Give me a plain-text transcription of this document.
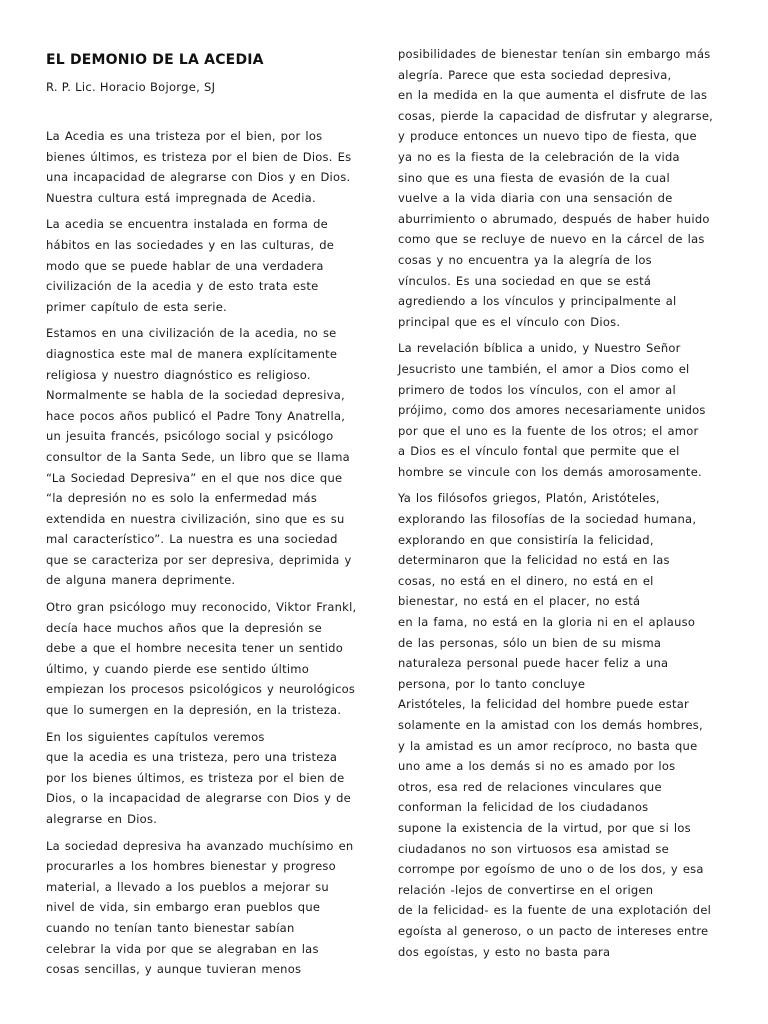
EL DEMONIO DE LA ACEDIA

R. P. Lic. Horacio Bojorge, SJ

La Acedia es una tristeza por el bien, por los
bienes últimos, es tristeza por el bien de Dios. Es
una incapacidad de alegrarse con Dios y en Dios.
Nuestra cultura está impregnada de Acedia.
La acedia se encuentra instalada en forma de
hábitos en las sociedades y en las culturas, de
modo que se puede hablar de una verdadera
civilización de la acedia y de esto trata este
primer capítulo de esta serie.
Estamos en una civilización de la acedia, no se
diagnostica este mal de manera explícitamente
religiosa y nuestro diagnóstico es religioso.
Normalmente se habla de la sociedad depresiva,
hace pocos años publicó el Padre Tony Anatrella,
un jesuita francés, psicólogo social y psicólogo
consultor de la Santa Sede, un libro que se llama
“La Sociedad Depresiva” en el que nos dice que
“la depresión no es solo la enfermedad más
extendida en nuestra civilización, sino que es su
mal característico”. La nuestra es una sociedad
que se caracteriza por ser depresiva, deprimida y
de alguna manera deprimente.
Otro gran psicólogo muy reconocido, Viktor Frankl,
decía hace muchos años que la depresión se
debe a que el hombre necesita tener un sentido
último, y cuando pierde ese sentido último
empiezan los procesos psicológicos y neurológicos
que lo sumergen en la depresión, en la tristeza.
En los siguientes capítulos veremos
que la acedia es una tristeza, pero una tristeza
por los bienes últimos, es tristeza por el bien de
Dios, o la incapacidad de alegrarse con Dios y de
alegrarse en Dios.
La sociedad depresiva ha avanzado muchísimo en
procurarles a los hombres bienestar y progreso
material, a llevado a los pueblos a mejorar su
nivel de vida, sin embargo eran pueblos que
cuando no tenían tanto bienestar sabían
celebrar la vida por que se alegraban en las
cosas sencillas, y aunque tuvieran menos
posibilidades de bienestar tenían sin embargo más
alegría. Parece que esta sociedad depresiva,
en la medida en la que aumenta el disfrute de las
cosas, pierde la capacidad de disfrutar y alegrarse,
y produce entonces un nuevo tipo de fiesta, que
ya no es la fiesta de la celebración de la vida
sino que es una fiesta de evasión de la cual
vuelve a la vida diaria con una sensación de
aburrimiento o abrumado, después de haber huido
como que se recluye de nuevo en la cárcel de las
cosas y no encuentra ya la alegría de los
vínculos. Es una sociedad en que se está
agrediendo a los vínculos y principalmente al
principal que es el vínculo con Dios.
La revelación bíblica a unido, y Nuestro Señor
Jesucristo une también, el amor a Dios como el
primero de todos los vínculos, con el amor al
prójimo, como dos amores necesariamente unidos
por que el uno es la fuente de los otros; el amor
a Dios es el vínculo fontal que permite que el
hombre se vincule con los demás amorosamente.
Ya los filósofos griegos, Platón, Aristóteles,
explorando las filosofías de la sociedad humana,
explorando en que consistiría la felicidad,
determinaron que la felicidad no está en las
cosas, no está en el dinero, no está en el
bienestar, no está en el placer, no está
en la fama, no está en la gloria ni en el aplauso
de las personas, sólo un bien de su misma
naturaleza personal puede hacer feliz a una
persona, por lo tanto concluye
Aristóteles, la felicidad del hombre puede estar
solamente en la amistad con los demás hombres,
y la amistad es un amor recíproco, no basta que
uno ame a los demás si no es amado por los
otros, esa red de relaciones vinculares que
conforman la felicidad de los ciudadanos
supone la existencia de la virtud, por que si los
ciudadanos no son virtuosos esa amistad se
corrompe por egoísmo de uno o de los dos, y esa
relación -lejos de convertirse en el origen
de la felicidad- es la fuente de una explotación del
egoísta al generoso, o un pacto de intereses entre
dos egoístas, y esto no basta para
